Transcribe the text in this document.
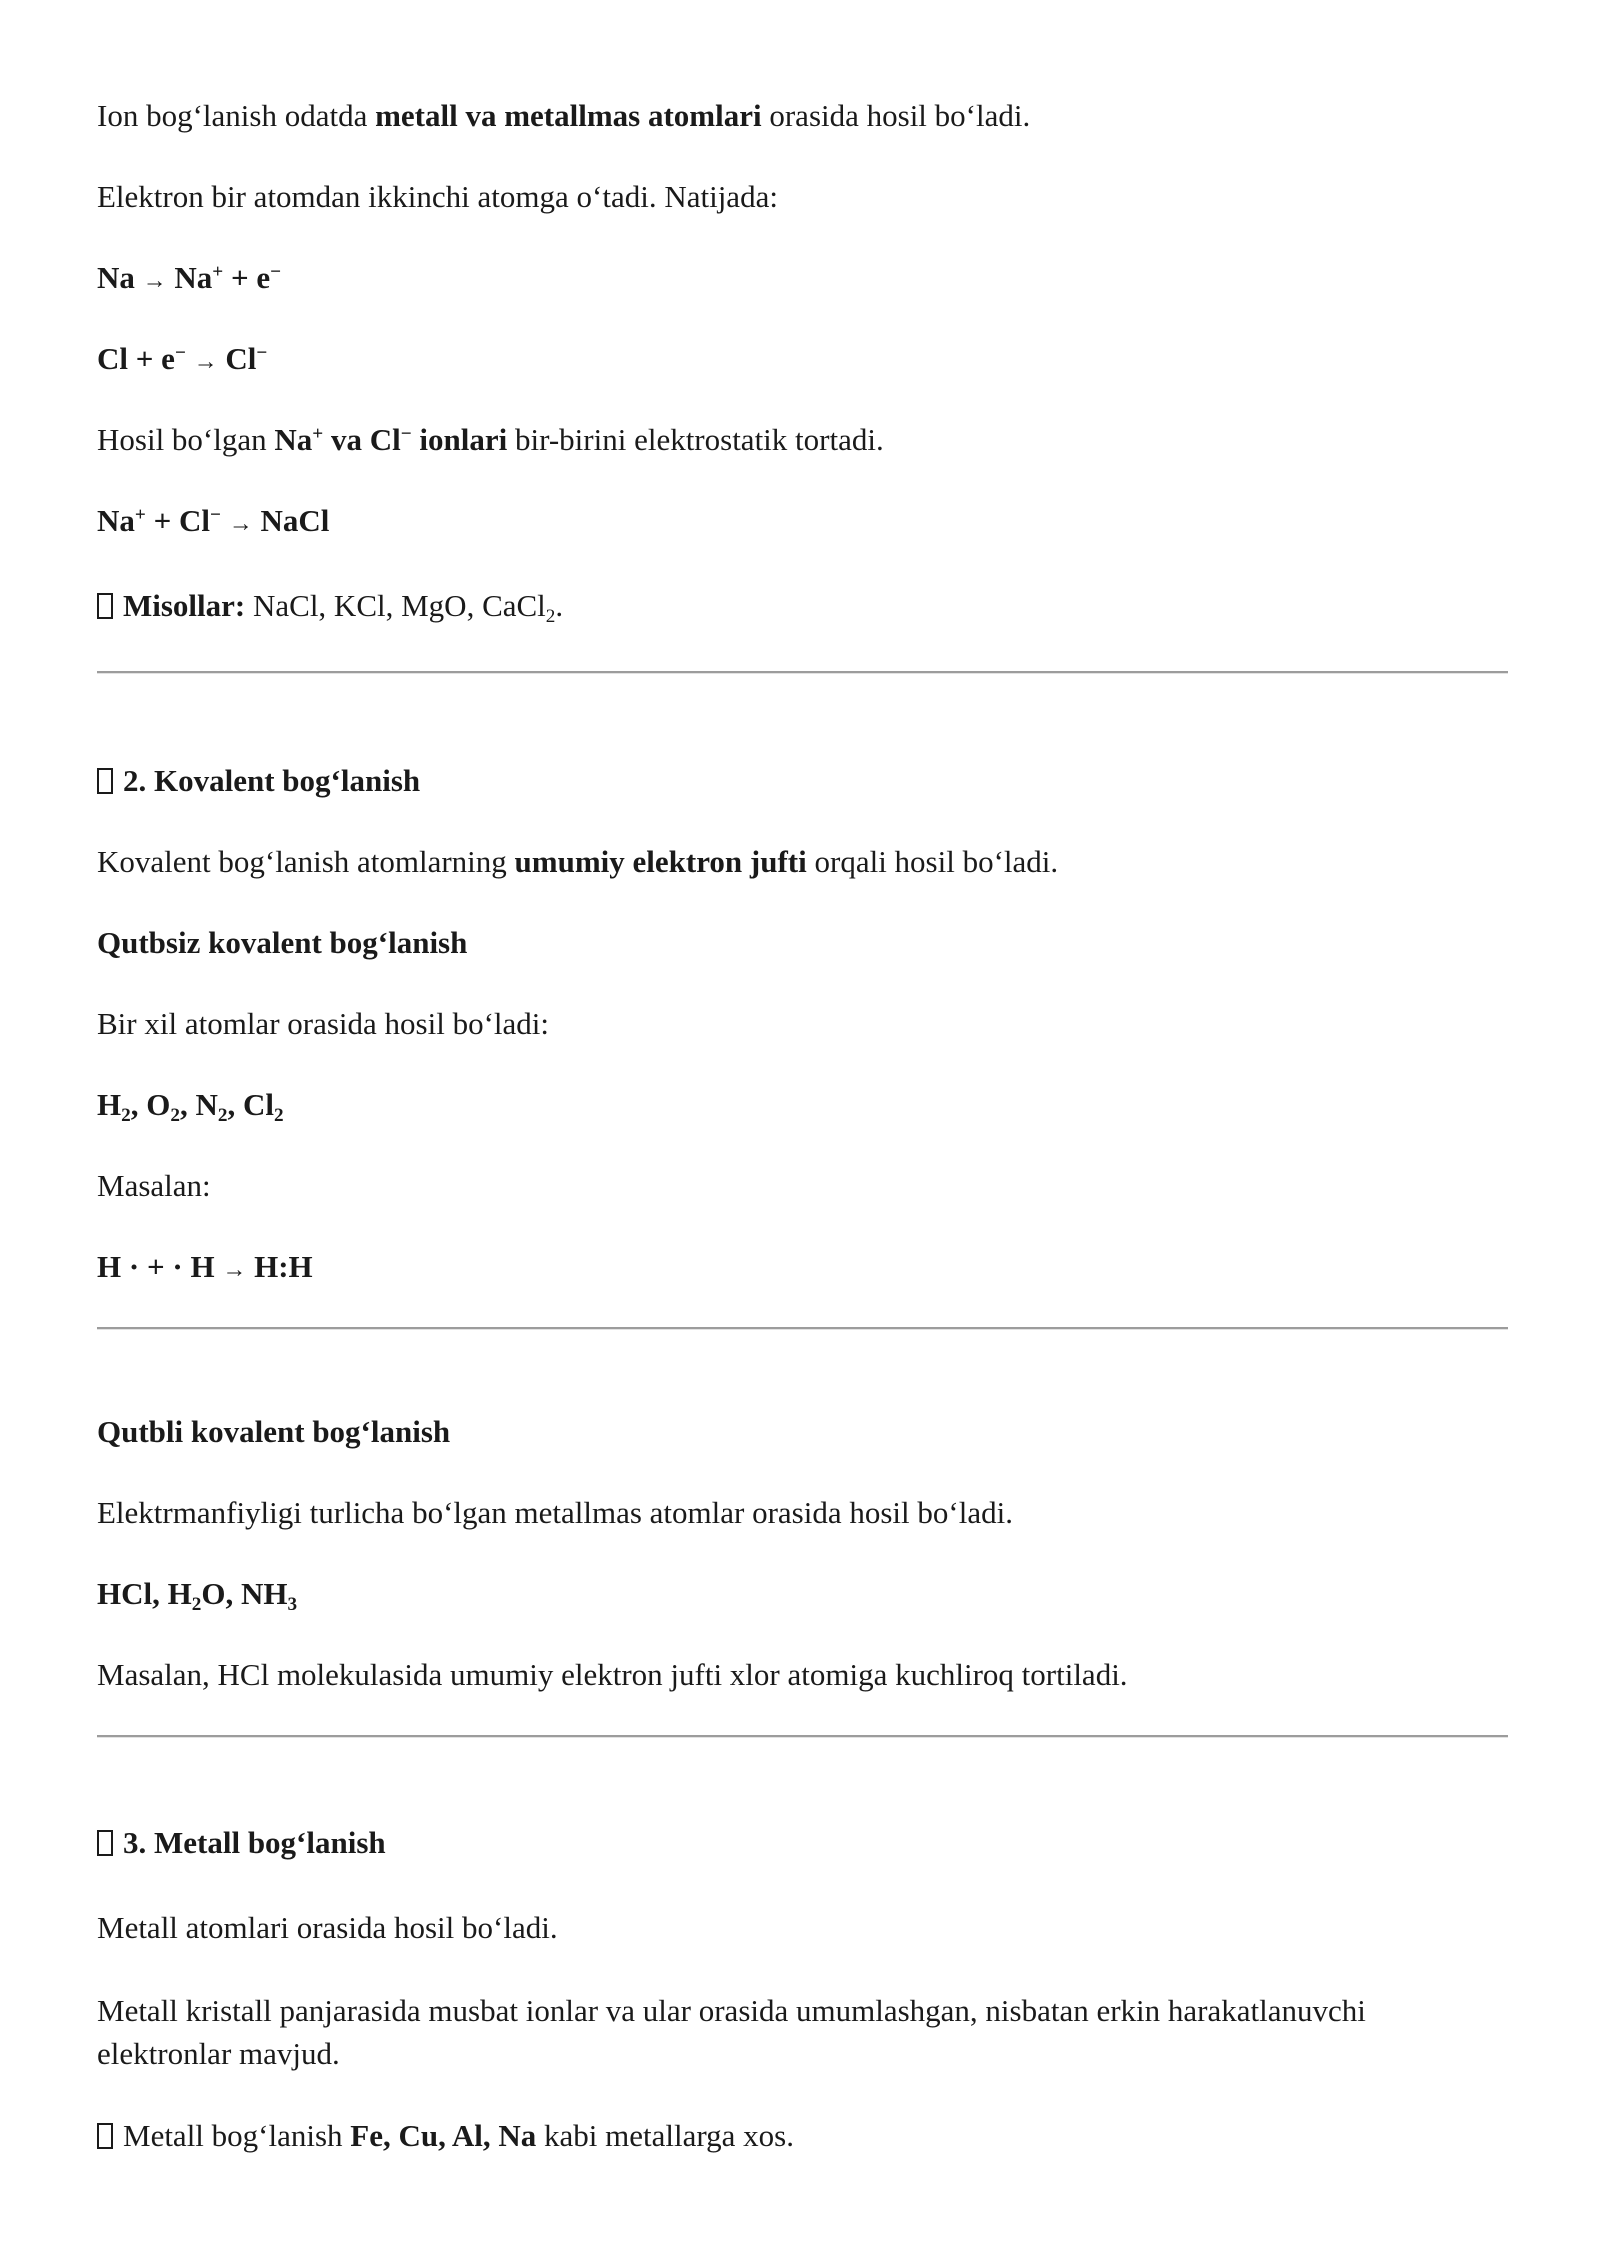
Ion bog‘lanish odatda metall va metallmas atomlari orasida hosil bo‘ladi.

Elektron bir atomdan ikkinchi atomga o‘tadi. Natijada:

Na → Na+ + e−

Cl + e− → Cl−

Hosil bo‘lgan Na+ va Cl− ionlari bir-birini elektrostatik tortadi.

Na+ + Cl− → NaCl

Misollar: NaCl, KCl, MgO, CaCl$_2$.

2. Kovalent bog‘lanish

Kovalent bog‘lanish atomlarning umumiy elektron jufti orqali hosil bo‘ladi.

Qutbsiz kovalent bog‘lanish

Bir xil atomlar orasida hosil bo‘ladi:

$H_2$, $O_2$, $N_2$, $Cl_2$

Masalan:

H · + · H → H:H

Qutbli kovalent bog‘lanish

Elektrmanfiyligi turlicha bo‘lgan metallmas atomlar orasida hosil bo‘ladi.

HCl, $H_2O$, $NH_3$

Masalan, HCl molekulasida umumiy elektron jufti xlor atomiga kuchliroq tortiladi.

3. Metall bog‘lanish

Metall atomlari orasida hosil bo‘ladi.

Metall kristall panjarasida musbat ionlar va ular orasida umumlashgan, nisbatan erkin harakatlanuvchi elektronlar mavjud.

Metall bog‘lanish Fe, Cu, Al, Na kabi metallarga xos.
